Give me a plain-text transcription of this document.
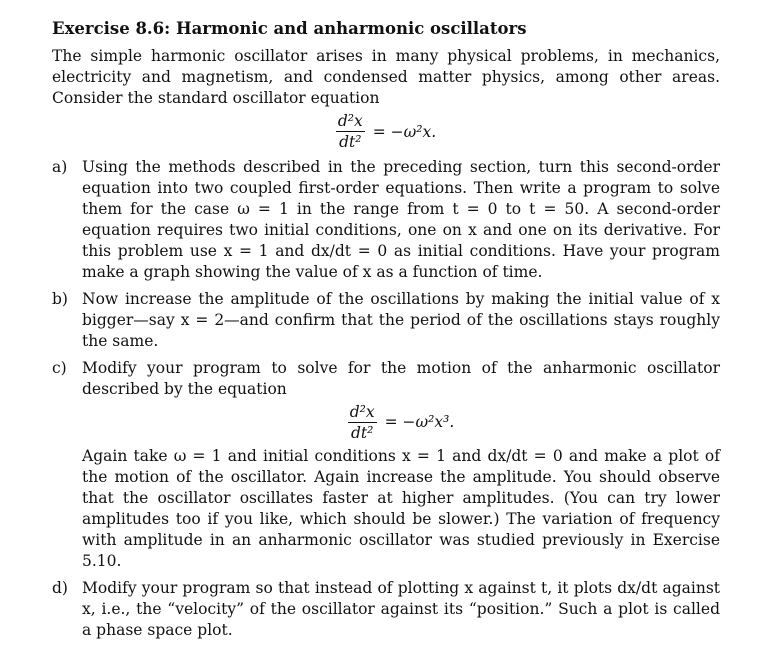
Exercise 8.6: Harmonic and anharmonic oscillators

The simple harmonic oscillator arises in many physical problems, in mechanics, electricity and magnetism, and condensed matter physics, among other areas. Consider the standard oscillator equation

$\frac{\text{d²x}}{\text{dt²}} = -\omega^2x$.
a) Using the methods described in the preceding section, turn this second-order equation into two coupled first-order equations. Then write a program to solve them for the case ω = 1 in the range from t = 0 to t = 50. A second-order equation requires two initial conditions, one on x and one on its derivative. For this problem use x = 1 and dx/dt = 0 as initial conditions. Have your program make a graph showing the value of x as a function of time.
b) Now increase the amplitude of the oscillations by making the initial value of x bigger—say x = 2—and confirm that the period of the oscillations stays roughly the same.
c) Modify your program to solve for the motion of the anharmonic oscillator described by the equation
$\frac{\text{d²x}}{\text{dt²}} = -\omega^2x^3$.
Again take ω = 1 and initial conditions x = 1 and dx/dt = 0 and make a plot of the motion of the oscillator. Again increase the amplitude. You should observe that the oscillator oscillates faster at higher amplitudes. (You can try lower amplitudes too if you like, which should be slower.) The variation of frequency with amplitude in an anharmonic oscillator was studied previously in Exercise 5.10.
d) Modify your program so that instead of plotting x against t, it plots dx/dt against x, i.e., the “velocity” of the oscillator against its “position.” Such a plot is called a phase space plot.
